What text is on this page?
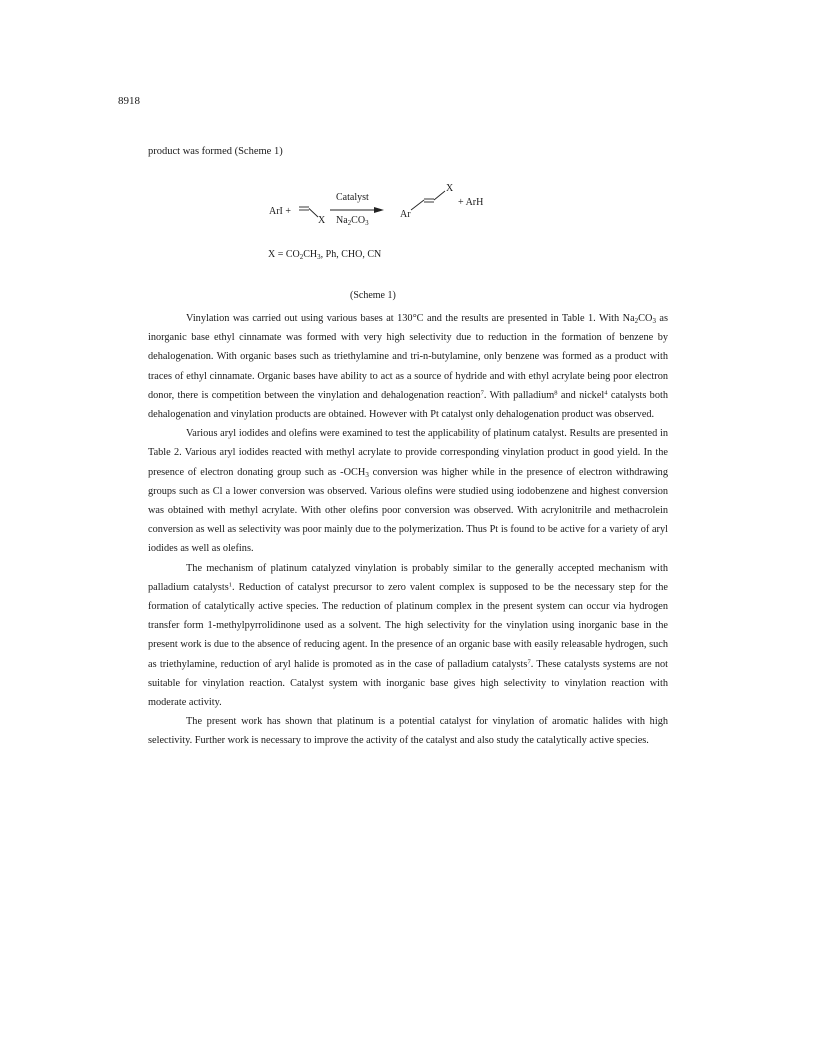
8918
product was formed (Scheme 1)
ArI +
X
Catalyst
$Na_2CO_3$
Ar
X
+ ArH
$X = CO_2CH_3$, Ph, CHO, CN
(Scheme 1)

Vinylation was carried out using various bases at 130°C and the results are presented in Table 1. With $Na_2CO_3$ as inorganic base ethyl cinnamate was formed with very high selectivity due to reduction in the formation of benzene by dehalogenation. With organic bases such as triethylamine and tri-n-butylamine, only benzene was formed as a product with traces of ethyl cinnamate. Organic bases have ability to act as a source of hydride and with ethyl acrylate being poor electron donor, there is competition between the vinylation and dehalogenation reaction$^7$. With palladium$^8$ and nickel$^4$ catalysts both dehalogenation and vinylation products are obtained. However with Pt catalyst only dehalogenation product was observed.

Various aryl iodides and olefins were examined to test the applicability of platinum catalyst. Results are presented in Table 2. Various aryl iodides reacted with methyl acrylate to provide corresponding vinylation product in good yield. In the presence of electron donating group such as $-OCH_3$ conversion was higher while in the presence of electron withdrawing groups such as Cl a lower conversion was observed. Various olefins were studied using iodobenzene and highest conversion was obtained with methyl acrylate. With other olefins poor conversion was observed. With acrylonitrile and methacrolein conversion as well as selectivity was poor mainly due to the polymerization. Thus Pt is found to be active for a variety of aryl iodides as well as olefins.

The mechanism of platinum catalyzed vinylation is probably similar to the generally accepted mechanism with palladium catalysts$^1$. Reduction of catalyst precursor to zero valent complex is supposed to be the necessary step for the formation of catalytically active species. The reduction of platinum complex in the present system can occur via hydrogen transfer form 1-methylpyrrolidinone used as a solvent. The high selectivity for the vinylation using inorganic base in the present work is due to the absence of reducing agent. In the presence of an organic base with easily releasable hydrogen, such as triethylamine, reduction of aryl halide is promoted as in the case of palladium catalysts$^7$. These catalysts systems are not suitable for vinylation reaction. Catalyst system with inorganic base gives high selectivity to vinylation reaction with moderate activity.

The present work has shown that platinum is a potential catalyst for vinylation of aromatic halides with high selectivity. Further work is necessary to improve the activity of the catalyst and also study the catalytically active species.
